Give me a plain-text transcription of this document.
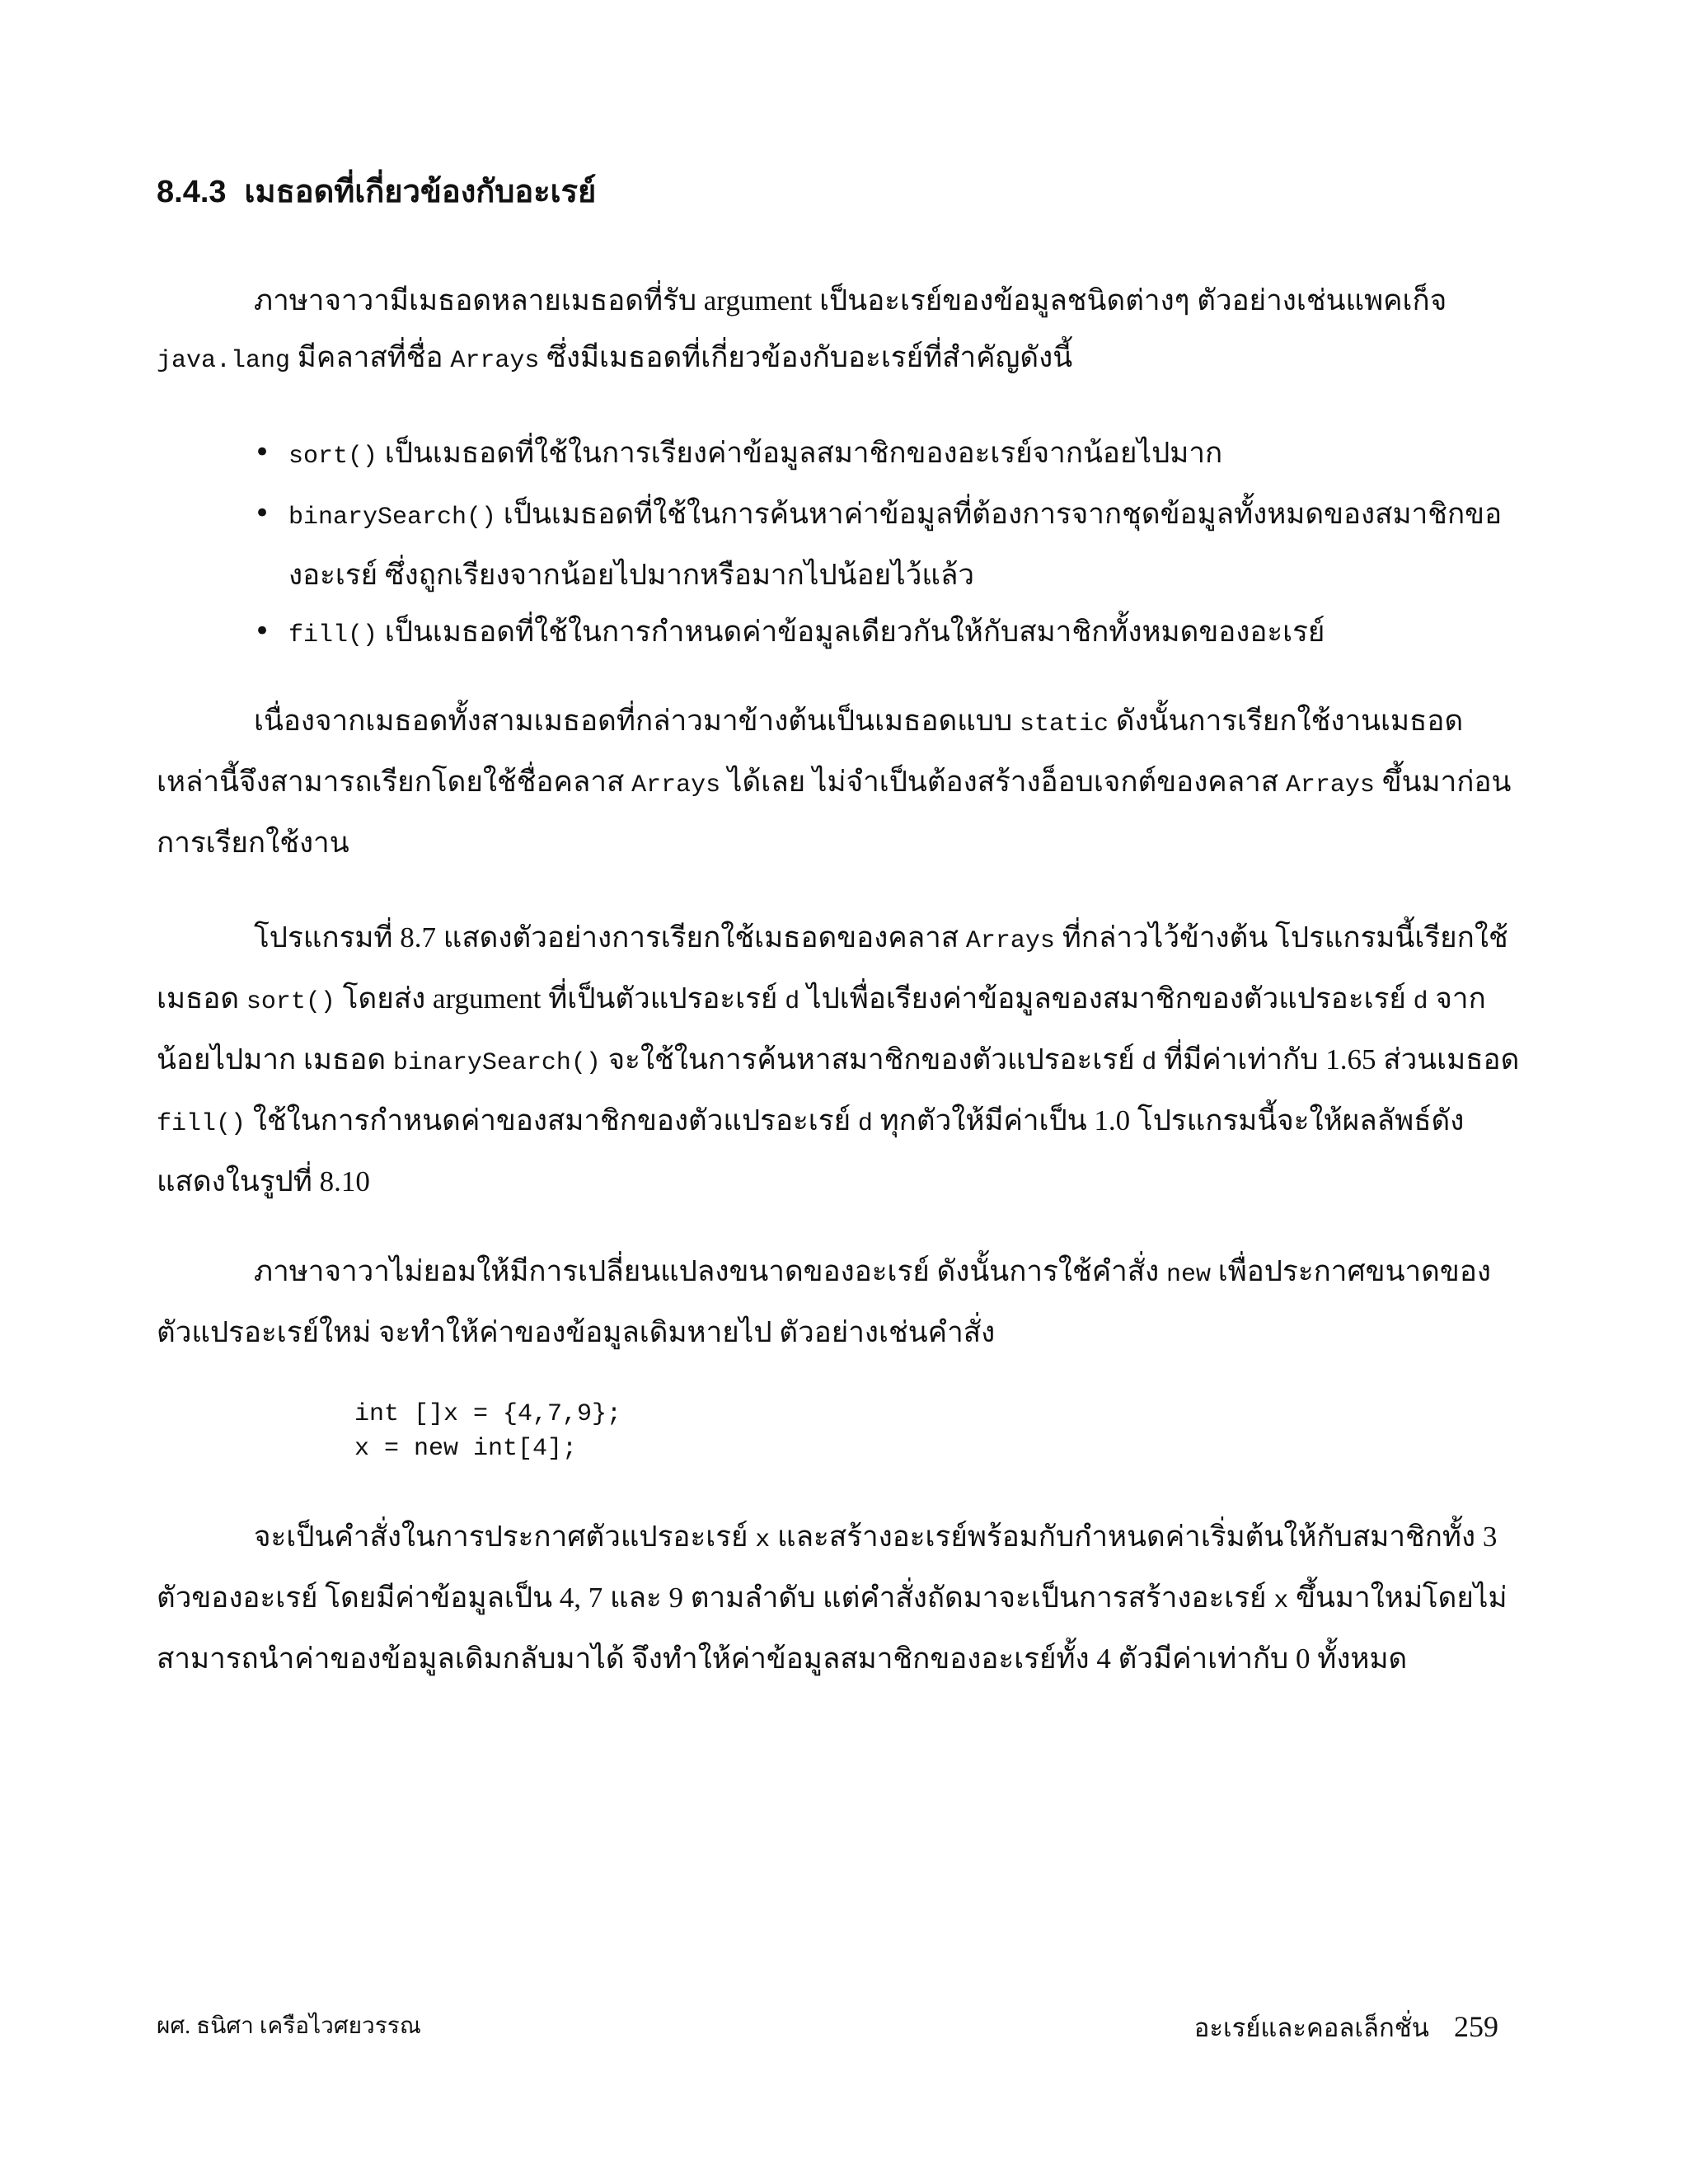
8.4.3 เมธอดที่เกี่ยวข้องกับอะเรย์

ภาษาจาวามีเมธอดหลายเมธอดที่รับ argument เป็นอะเรย์ของข้อมูลชนิดต่างๆ ตัวอย่างเช่นแพคเก็จ java.lang มีคลาสที่ชื่อ Arrays ซึ่งมีเมธอดที่เกี่ยวข้องกับอะเรย์ที่สำคัญดังนี้

• sort() เป็นเมธอดที่ใช้ในการเรียงค่าข้อมูลสมาชิกของอะเรย์จากน้อยไปมาก
• binarySearch() เป็นเมธอดที่ใช้ในการค้นหาค่าข้อมูลที่ต้องการจากชุดข้อมูลทั้งหมดของสมาชิกของอะเรย์ ซึ่งถูกเรียงจากน้อยไปมากหรือมากไปน้อยไว้แล้ว
• fill() เป็นเมธอดที่ใช้ในการกำหนดค่าข้อมูลเดียวกันให้กับสมาชิกทั้งหมดของอะเรย์

เนื่องจากเมธอดทั้งสามเมธอดที่กล่าวมาข้างต้นเป็นเมธอดแบบ static ดังนั้นการเรียกใช้งานเมธอดเหล่านี้จึงสามารถเรียกโดยใช้ชื่อคลาส Arrays ได้เลย ไม่จำเป็นต้องสร้างอ็อบเจกต์ของคลาส Arrays ขึ้นมาก่อนการเรียกใช้งาน

โปรแกรมที่ 8.7 แสดงตัวอย่างการเรียกใช้เมธอดของคลาส Arrays ที่กล่าวไว้ข้างต้น โปรแกรมนี้เรียกใช้เมธอด sort() โดยส่ง argument ที่เป็นตัวแปรอะเรย์ d ไปเพื่อเรียงค่าข้อมูลของสมาชิกของตัวแปรอะเรย์ d จากน้อยไปมาก เมธอด binarySearch() จะใช้ในการค้นหาสมาชิกของตัวแปรอะเรย์ d ที่มีค่าเท่ากับ 1.65 ส่วนเมธอด fill() ใช้ในการกำหนดค่าของสมาชิกของตัวแปรอะเรย์ d ทุกตัวให้มีค่าเป็น 1.0 โปรแกรมนี้จะให้ผลลัพธ์ดังแสดงในรูปที่ 8.10

ภาษาจาวาไม่ยอมให้มีการเปลี่ยนแปลงขนาดของอะเรย์ ดังนั้นการใช้คำสั่ง new เพื่อประกาศขนาดของตัวแปรอะเรย์ใหม่ จะทำให้ค่าของข้อมูลเดิมหายไป ตัวอย่างเช่นคำสั่ง

int []x = {4,7,9};
x = new int[4];

จะเป็นคำสั่งในการประกาศตัวแปรอะเรย์ x และสร้างอะเรย์พร้อมกับกำหนดค่าเริ่มต้นให้กับสมาชิกทั้ง 3 ตัวของอะเรย์ โดยมีค่าข้อมูลเป็น 4, 7 และ 9 ตามลำดับ แต่คำสั่งถัดมาจะเป็นการสร้างอะเรย์ x ขึ้นมาใหม่โดยไม่สามารถนำค่าของข้อมูลเดิมกลับมาได้ จึงทำให้ค่าข้อมูลสมาชิกของอะเรย์ทั้ง 4 ตัวมีค่าเท่ากับ 0 ทั้งหมด

ผศ. ธนิศา เครือไวศยวรรณ	อะเรย์และคอลเล็กชั่น 259
